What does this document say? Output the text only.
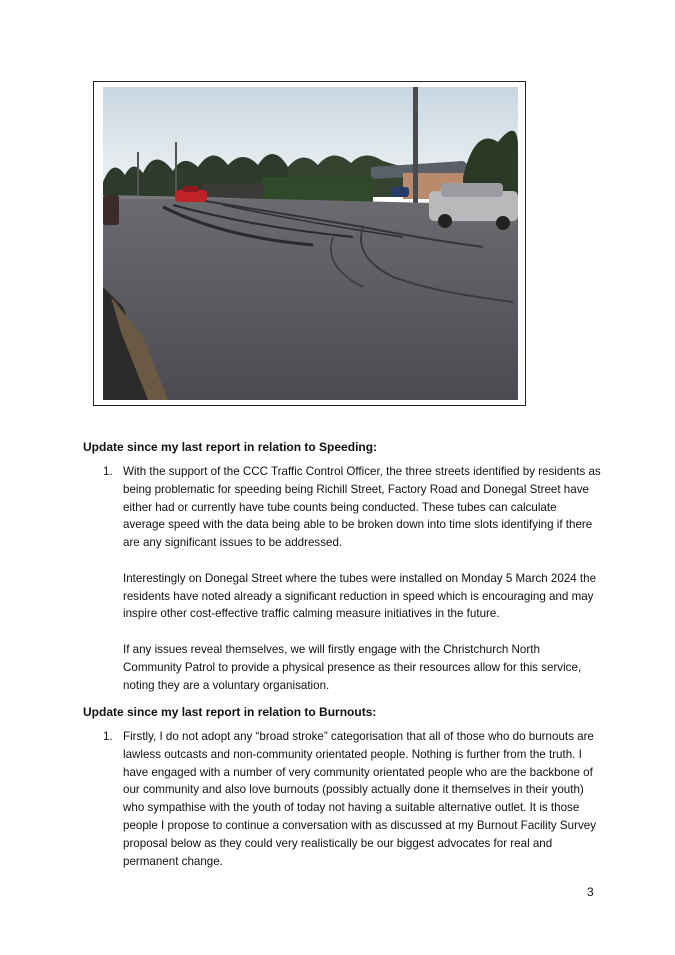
Update since my last report in relation to Speeding:
1. With the support of the CCC Traffic Control Officer, the three streets identified by residents as being problematic for speeding being Richill Street, Factory Road and Donegal Street have either had or currently have tube counts being conducted. These tubes can calculate average speed with the data being able to be broken down into time slots identifying if there are any significant issues to be addressed.

Interestingly on Donegal Street where the tubes were installed on Monday 5 March 2024 the residents have noted already a significant reduction in speed which is encouraging and may inspire other cost-effective traffic calming measure initiatives in the future.

If any issues reveal themselves, we will firstly engage with the Christchurch North Community Patrol to provide a physical presence as their resources allow for this service, noting they are a voluntary organisation.

Update since my last report in relation to Burnouts:
1. Firstly, I do not adopt any “broad stroke” categorisation that all of those who do burnouts are lawless outcasts and non-community orientated people. Nothing is further from the truth. I have engaged with a number of very community orientated people who are the backbone of our community and also love burnouts (possibly actually done it themselves in their youth) who sympathise with the youth of today not having a suitable alternative outlet. It is those people I propose to continue a conversation with as discussed at my Burnout Facility Survey proposal below as they could very realistically be our biggest advocates for real and permanent change.

3
